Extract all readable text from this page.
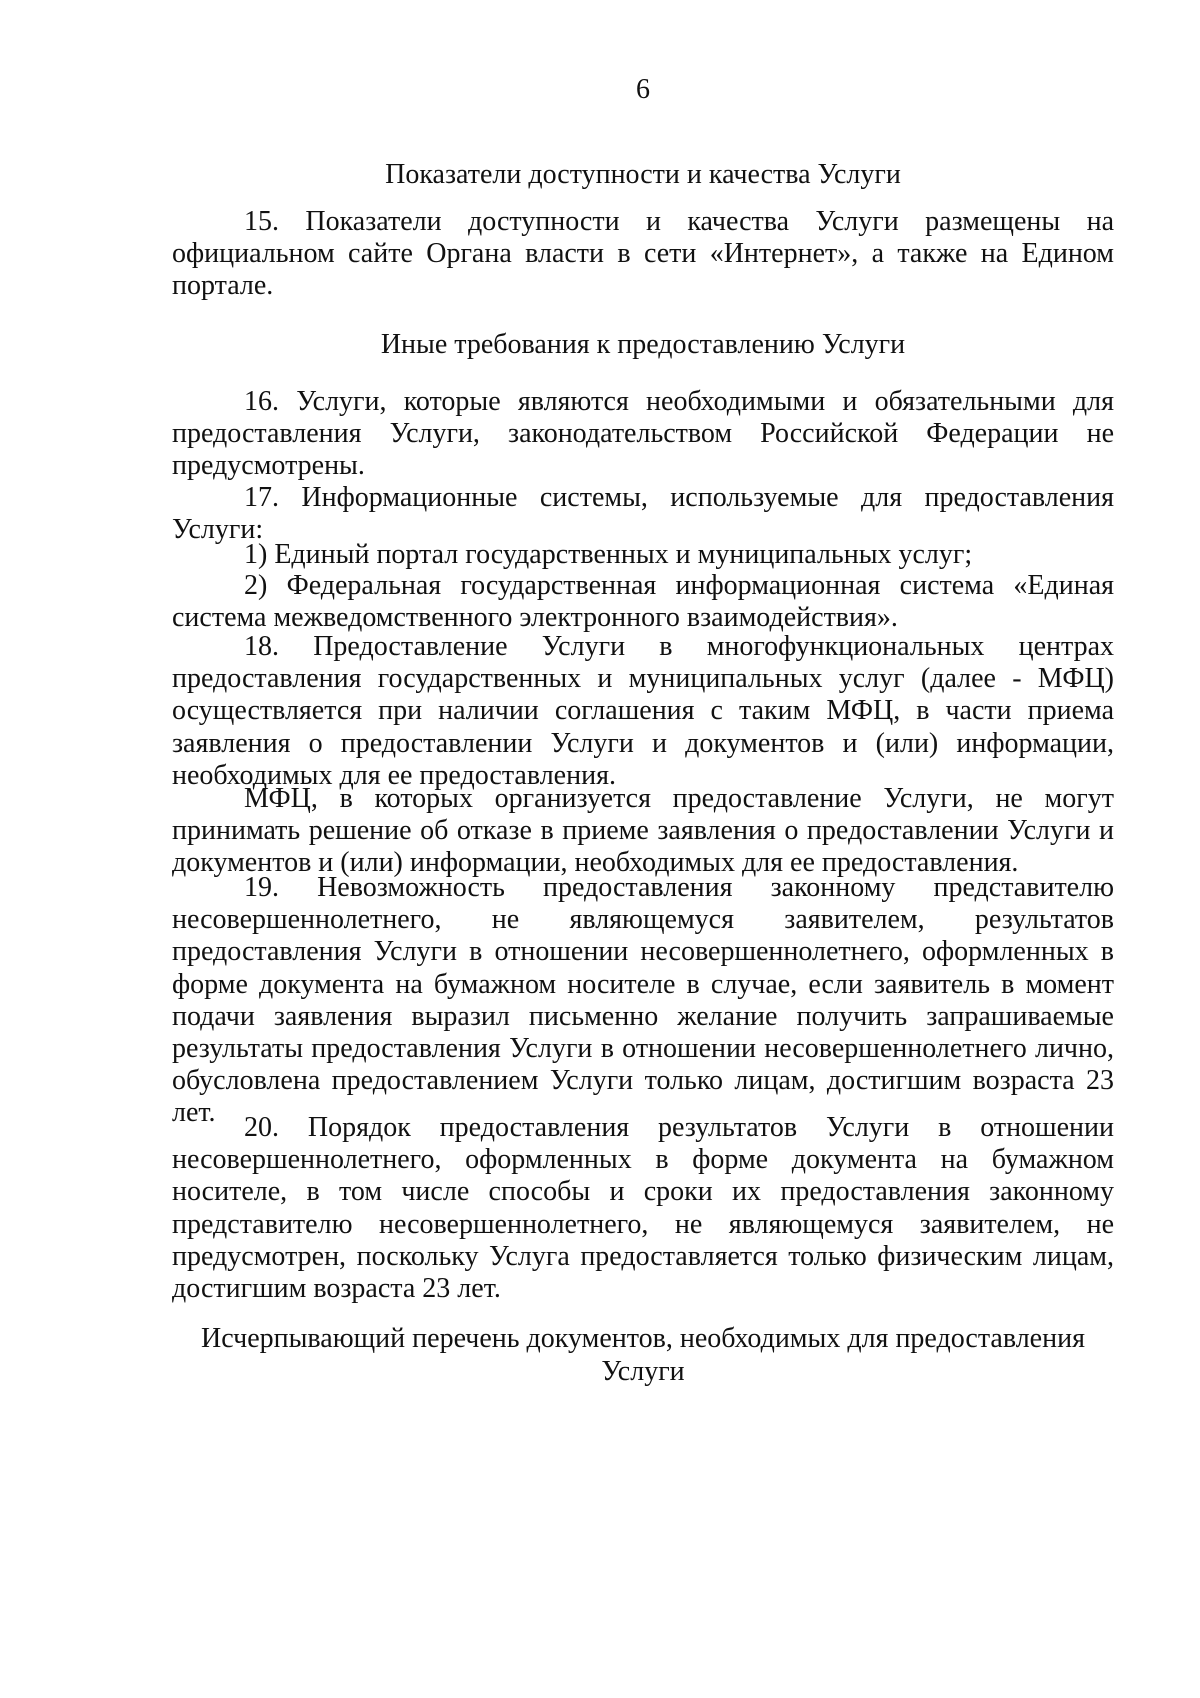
6
Показатели доступности и качества Услуги
15. Показатели доступности и качества Услуги размещены на официальном сайте Органа власти в сети «Интернет», а также на Едином портале.
Иные требования к предоставлению Услуги
16. Услуги, которые являются необходимыми и обязательными для предоставления Услуги, законодательством Российской Федерации не предусмотрены.
17. Информационные системы, используемые для предоставления Услуги:
1) Единый портал государственных и муниципальных услуг;
2) Федеральная государственная информационная система «Единая система межведомственного электронного взаимодействия».
18. Предоставление Услуги в многофункциональных центрах предоставления государственных и муниципальных услуг (далее - МФЦ) осуществляется при наличии соглашения с таким МФЦ, в части приема заявления о предоставлении Услуги и документов и (или) информации, необходимых для ее предоставления.
МФЦ, в которых организуется предоставление Услуги, не могут принимать решение об отказе в приеме заявления о предоставлении Услуги и документов и (или) информации, необходимых для ее предоставления.
19. Невозможность предоставления законному представителю несовершеннолетнего, не являющемуся заявителем, результатов предоставления Услуги в отношении несовершеннолетнего, оформленных в форме документа на бумажном носителе в случае, если заявитель в момент подачи заявления выразил письменно желание получить запрашиваемые результаты предоставления Услуги в отношении несовершеннолетнего лично, обусловлена предоставлением Услуги только лицам, достигшим возраста 23 лет.	20. Порядок предоставления результатов Услуги в отношении несовершеннолетнего, оформленных в форме документа на бумажном носителе, в том числе способы и сроки их предоставления законному представителю несовершеннолетнего, не являющемуся заявителем, не предусмотрен, поскольку Услуга предоставляется только физическим лицам, достигшим возраста 23 лет.
Исчерпывающий перечень документов, необходимых для предоставления Услуги
